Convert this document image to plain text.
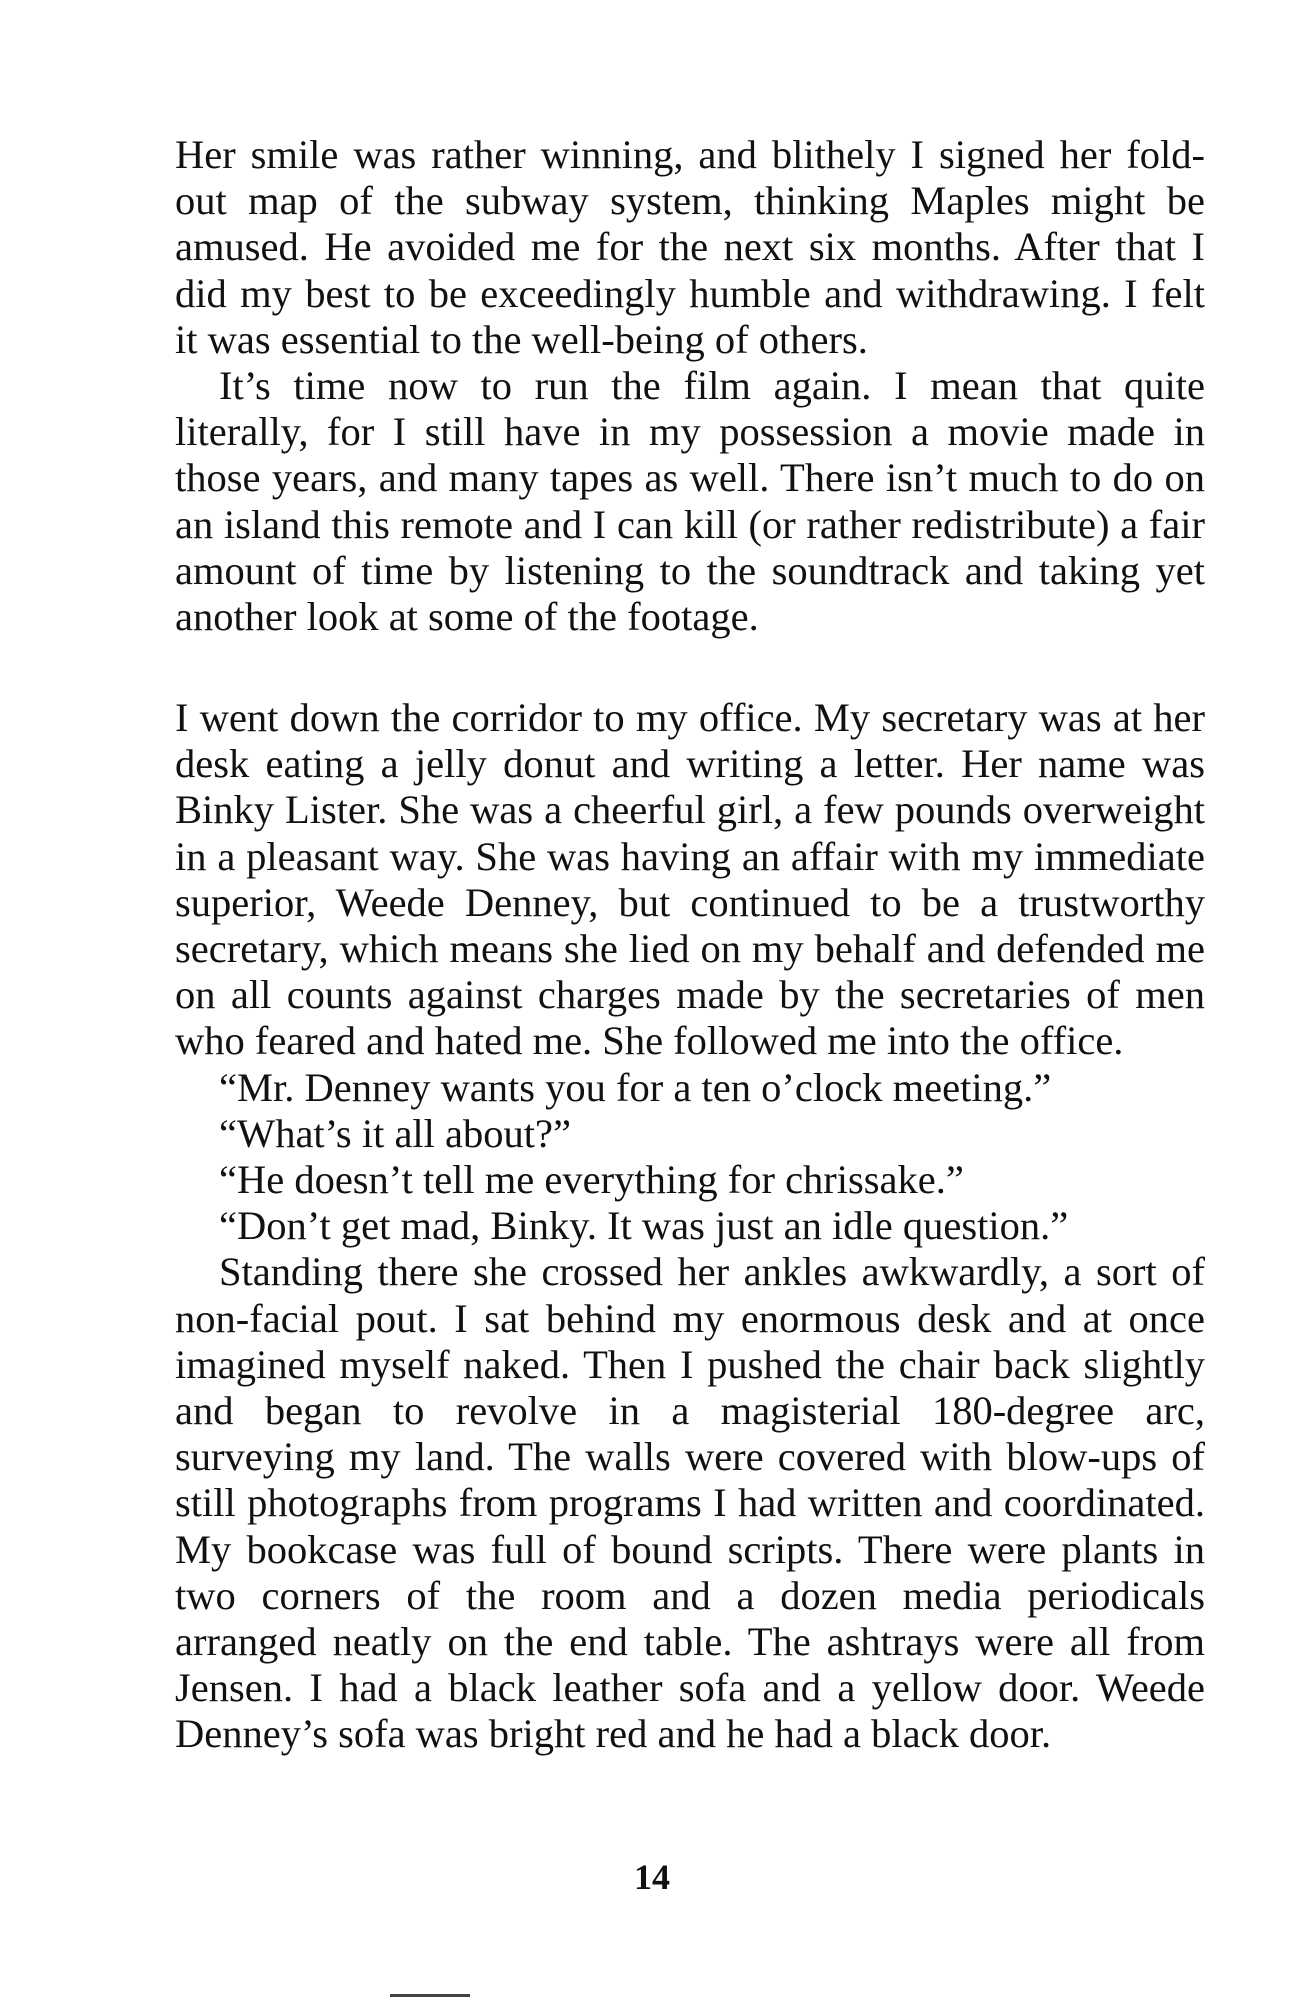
Her smile was rather winning, and blithely I signed her fold-out map of the subway system, thinking Maples might be amused. He avoided me for the next six months. After that I did my best to be exceedingly humble and withdrawing. I felt it was essential to the well-being of others.

It’s time now to run the film again. I mean that quite literally, for I still have in my possession a movie made in those years, and many tapes as well. There isn’t much to do on an island this remote and I can kill (or rather redistribute) a fair amount of time by listening to the soundtrack and taking yet another look at some of the footage.

I went down the corridor to my office. My secretary was at her desk eating a jelly donut and writing a letter. Her name was Binky Lister. She was a cheerful girl, a few pounds overweight in a pleasant way. She was having an affair with my immediate superior, Weede Denney, but continued to be a trustworthy secretary, which means she lied on my behalf and defended me on all counts against charges made by the secretaries of men who feared and hated me. She followed me into the office.

“Mr. Denney wants you for a ten o’clock meeting.”

“What’s it all about?”

“He doesn’t tell me everything for chrissake.”

“Don’t get mad, Binky. It was just an idle question.”

Standing there she crossed her ankles awkwardly, a sort of non-facial pout. I sat behind my enormous desk and at once imagined myself naked. Then I pushed the chair back slightly and began to revolve in a magisterial 180-degree arc, surveying my land. The walls were covered with blow-ups of still photographs from programs I had written and coordinated. My bookcase was full of bound scripts. There were plants in two corners of the room and a dozen media periodicals arranged neatly on the end table. The ashtrays were all from Jensen. I had a black leather sofa and a yellow door. Weede Denney’s sofa was bright red and he had a black door.

14
